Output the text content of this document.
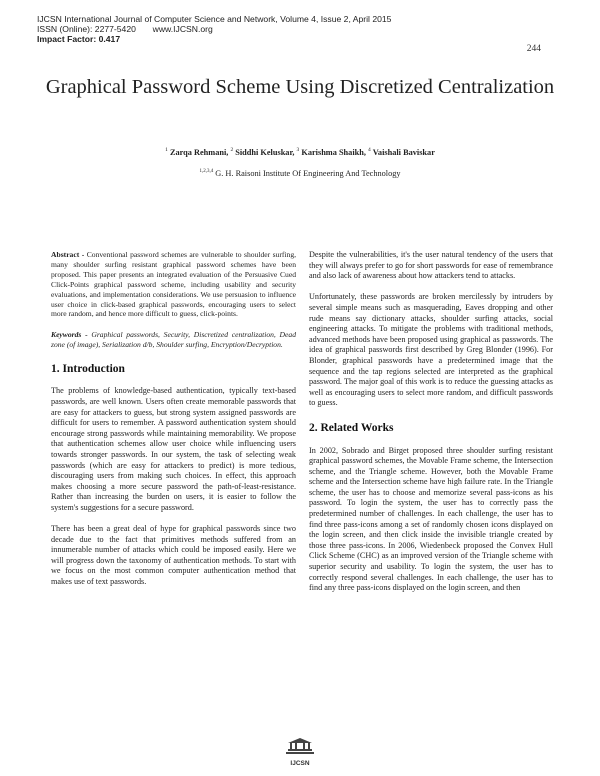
IJCSN International Journal of Computer Science and Network, Volume 4, Issue 2, April 2015
ISSN (Online): 2277-5420 www.IJCSN.org
Impact Factor: 0.417
244
Graphical Password Scheme Using Discretized Centralization
$^1$ Zarqa Rehmani, $^2$ Siddhi Keluskar, $^3$ Karishma Shaikh, $^4$ Vaishali Baviskar
$^{1,2,3,4}$ G. H. Raisoni Institute Of Engineering And Technology

Abstract - Conventional password schemes are vulnerable to shoulder surfing, many shoulder surfing resistant graphical password schemes have been proposed. This paper presents an integrated evaluation of the Persuasive Cued Click-Points graphical password scheme, including usability and security evaluations, and implementation considerations. We use persuasion to influence user choice in click-based graphical passwords, encouraging users to select more random, and hence more difficult to guess, click-points.

Keywords - Graphical passwords, Security, Discretized centralization, Dead zone (of image), Serialization d/b, Shoulder surfing, Encryption/Decryption.

1. Introduction

The problems of knowledge-based authentication, typically text-based passwords, are well known. Users often create memorable passwords that are easy for attackers to guess, but strong system assigned passwords are difficult for users to remember. A password authentication system should encourage strong passwords while maintaining memorability. We propose that authentication schemes allow user choice while influencing users towards stronger passwords. In our system, the task of selecting weak passwords (which are easy for attackers to predict) is more tedious, discouraging users from making such choices. In effect, this approach makes choosing a more secure password the path-of-least-resistance. Rather than increasing the burden on users, it is easier to follow the system's suggestions for a secure password.

There has been a great deal of hype for graphical passwords since two decade due to the fact that primitives methods suffered from an innumerable number of attacks which could be imposed easily. Here we will progress down the taxonomy of authentication methods. To start with we focus on the most common computer authentication method that makes use of text passwords.

Despite the vulnerabilities, it's the user natural tendency of the users that they will always prefer to go for short passwords for ease of remembrance and also lack of awareness about how attackers tend to attacks.

Unfortunately, these passwords are broken mercilessly by intruders by several simple means such as masquerading, Eaves dropping and other rude means say dictionary attacks, shoulder surfing attacks, social engineering attacks. To mitigate the problems with traditional methods, advanced methods have been proposed using graphical as passwords. The idea of graphical passwords first described by Greg Blonder (1996). For Blonder, graphical passwords have a predetermined image that the sequence and the tap regions selected are interpreted as the graphical password. The major goal of this work is to reduce the guessing attacks as well as encouraging users to select more random, and difficult passwords to guess.

2. Related Works

In 2002, Sobrado and Birget proposed three shoulder surfing resistant graphical password schemes, the Movable Frame scheme, the Intersection scheme, and the Triangle scheme. However, both the Movable Frame scheme and the Intersection scheme have high failure rate. In the Triangle scheme, the user has to choose and memorize several pass-icons as his password. To login the system, the user has to correctly pass the predetermined number of challenges. In each challenge, the user has to find three pass-icons among a set of randomly chosen icons displayed on the login screen, and then click inside the invisible triangle created by those three pass-icons. In 2006, Wiedenbeck proposed the Convex Hull Click Scheme (CHC) as an improved version of the Triangle scheme with superior security and usability. To login the system, the user has to correctly respond several challenges. In each challenge, the user has to find any three pass-icons displayed on the login screen, and then

IJCSN
